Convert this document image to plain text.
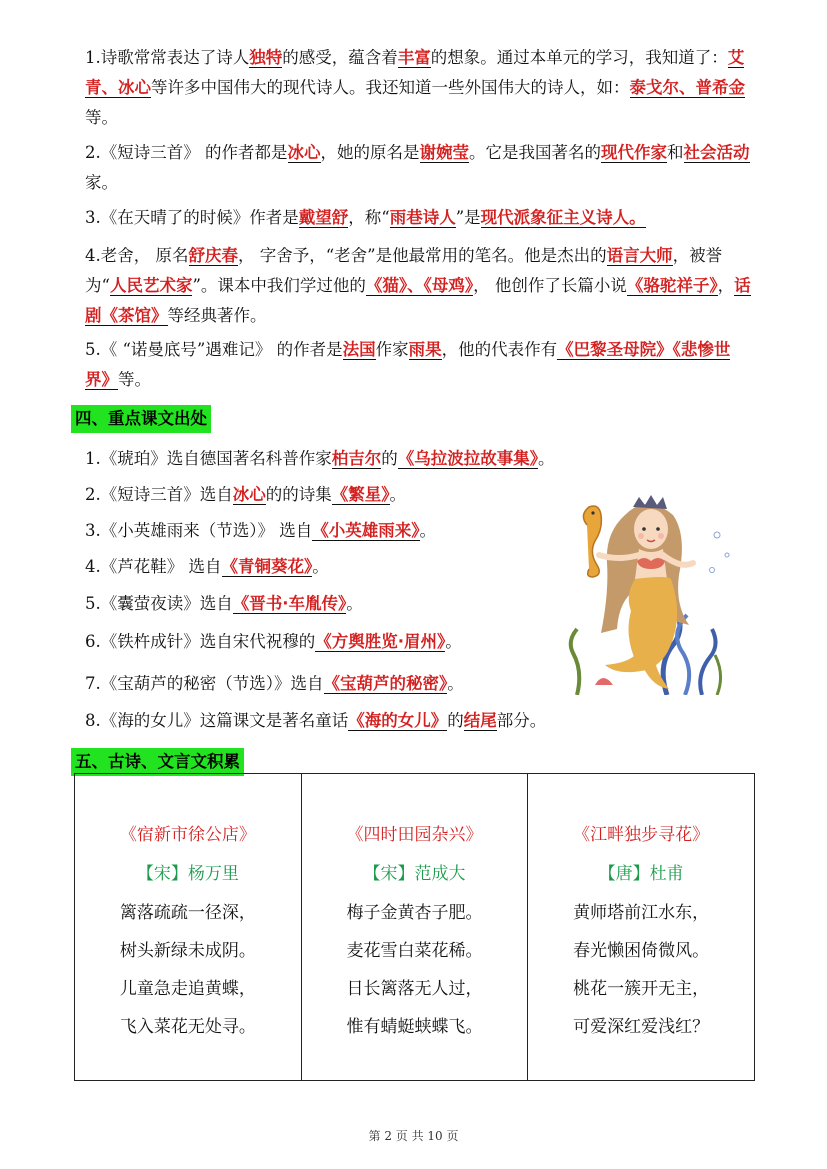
1.诗歌常常表达了诗人独特的感受，蕴含着丰富的想象。通过本单元的学习，我知道了：艾青、冰心等许多中国伟大的现代诗人。我还知道一些外国伟大的诗人，如：泰戈尔、普希金等。
2.《短诗三首》 的作者都是冰心，她的原名是谢婉莹。它是我国著名的现代作家和社会活动家。
3.《在天晴了的时候》作者是戴望舒，称“雨巷诗人”是现代派象征主义诗人。
4.老舍， 原名舒庆春， 字舍予，“老舍”是他最常用的笔名。他是杰出的语言大师，被誉为“人民艺术家”。课本中我们学过他的《猫》、《母鸡》， 他创作了长篇小说《骆驼祥子》，话剧《茶馆》等经典著作。
5.《 “诺曼底号”遇难记》 的作者是法国作家雨果，他的代表作有《巴黎圣母院》《悲惨世界》等。
四、重点课文出处
1.《琥珀》选自德国著名科普作家柏吉尔的《乌拉波拉故事集》。
2.《短诗三首》选自冰心的的诗集《繁星》。
3.《小英雄雨来（节选）》 选自《小英雄雨来》。
4.《芦花鞋》 选自《青铜葵花》。
5.《囊萤夜读》选自《晋书·车胤传》。
6.《铁杵成针》选自宋代祝穆的《方舆胜览·眉州》。
7.《宝葫芦的秘密（节选）》选自《宝葫芦的秘密》。
8.《海的女儿》这篇课文是著名童话《海的女儿》的结尾部分。
五、古诗、文言文积累
《宿新市徐公店》
【宋】杨万里
篱落疏疏一径深，
树头新绿未成阴。
儿童急走追黄蝶，
飞入菜花无处寻。
《四时田园杂兴》
【宋】范成大
梅子金黄杏子肥。
麦花雪白菜花稀。
日长篱落无人过，
惟有蜻蜓蛱蝶飞。
《江畔独步寻花》
【唐】杜甫
黄师塔前江水东，
春光懒困倚微风。
桃花一簇开无主，
可爱深红爱浅红？
第 2 页 共 10 页
